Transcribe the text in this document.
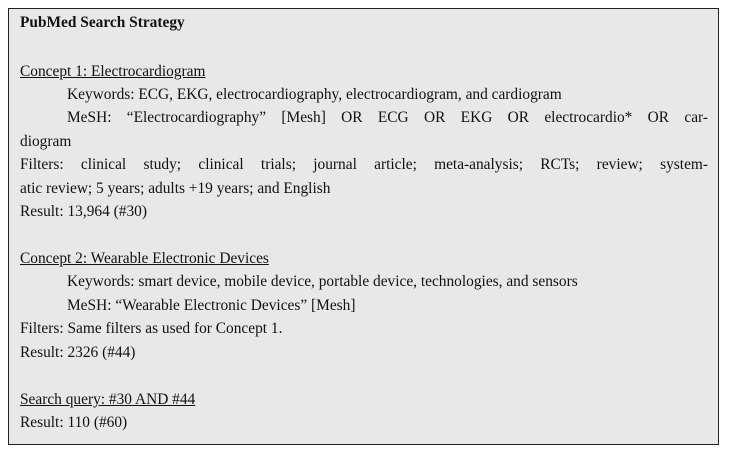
PubMed Search Strategy
Concept 1: Electrocardiogram
Keywords: ECG, EKG, electrocardiography, electrocardiogram, and cardiogram
MeSH: “Electrocardiography” [Mesh] OR ECG OR EKG OR electrocardio* OR car-
diogram
Filters: clinical study; clinical trials; journal article; meta-analysis; RCTs; review; system-
atic review; 5 years; adults +19 years; and English
Result: 13,964 (#30)
Concept 2: Wearable Electronic Devices
Keywords: smart device, mobile device, portable device, technologies, and sensors
MeSH: “Wearable Electronic Devices” [Mesh]
Filters: Same filters as used for Concept 1.
Result: 2326 (#44)
Search query: #30 AND #44
Result: 110 (#60)
